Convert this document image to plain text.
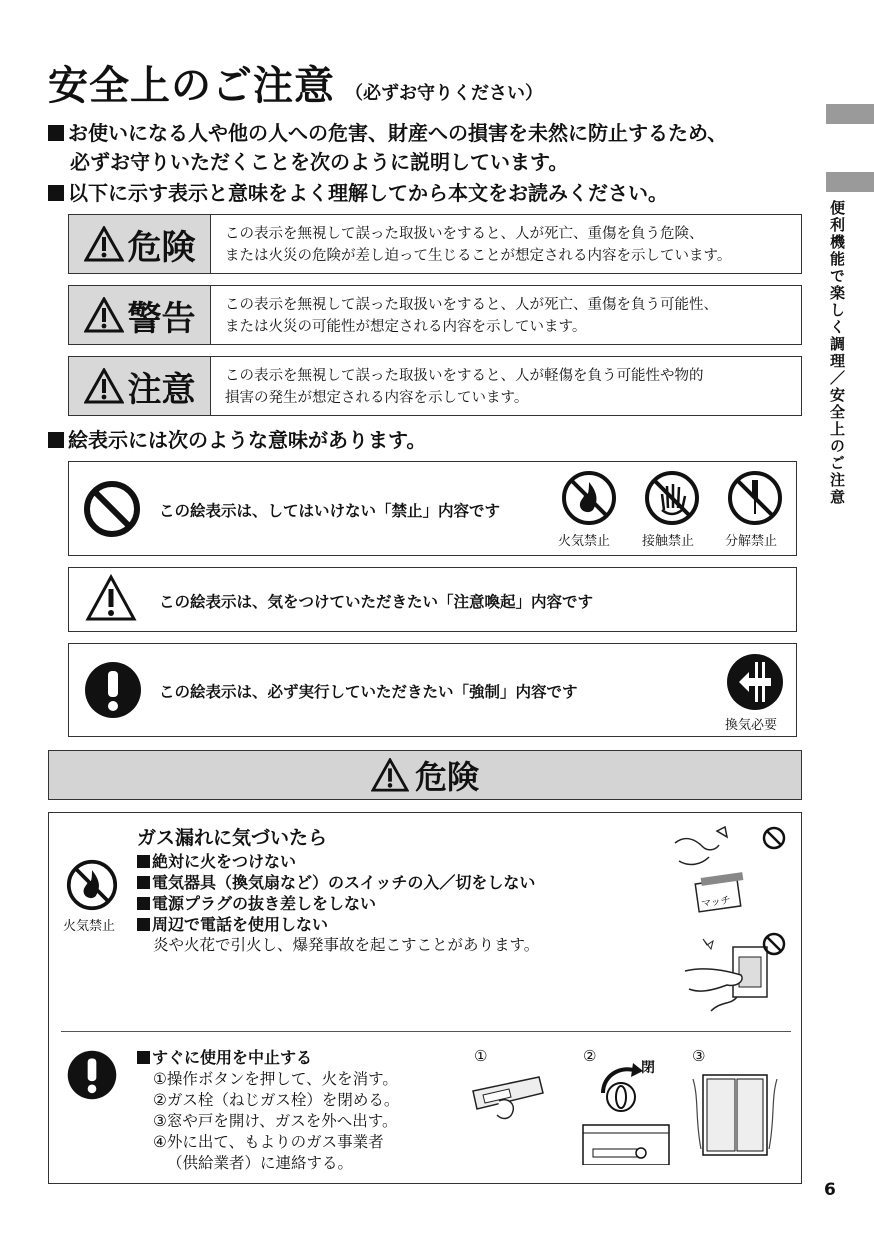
安全上のご注意 （必ずお守りください）
お使いになる人や他の人への危害、財産への損害を未然に防止するため、
必ずお守りいただくことを次のように説明しています。
以下に示す表示と意味をよく理解してから本文をお読みください。
便利機能で楽しく調理／安全上のご注意
危険 この表示を無視して誤った取扱いをすると、人が死亡、重傷を負う危険、
または火災の危険が差し迫って生じることが想定される内容を示しています。
警告 この表示を無視して誤った取扱いをすると、人が死亡、重傷を負う可能性、
または火災の可能性が想定される内容を示しています。
注意 この表示を無視して誤った取扱いをすると、人が軽傷を負う可能性や物的
損害の発生が想定される内容を示しています。
絵表示には次のような意味があります。
この絵表示は、してはいけない「禁止」内容です
火気禁止 接触禁止 分解禁止
この絵表示は、気をつけていただきたい「注意喚起」内容です
この絵表示は、必ず実行していただきたい「強制」内容です
換気必要
危険
ガス漏れに気づいたら
火気禁止
絶対に火をつけない
電気器具（換気扇など）のスイッチの入／切をしない
電源プラグの抜き差しをしない
周辺で電話を使用しない
炎や火花で引火し、爆発事故を起こすことがあります。
マッチ
すぐに使用を中止する
①操作ボタンを押して、火を消す。
②ガス栓（ねじガス栓）を閉める。
③窓や戸を開け、ガスを外へ出す。
④外に出て、もよりのガス事業者
（供給業者）に連絡する。
①	②
閉
③
6
